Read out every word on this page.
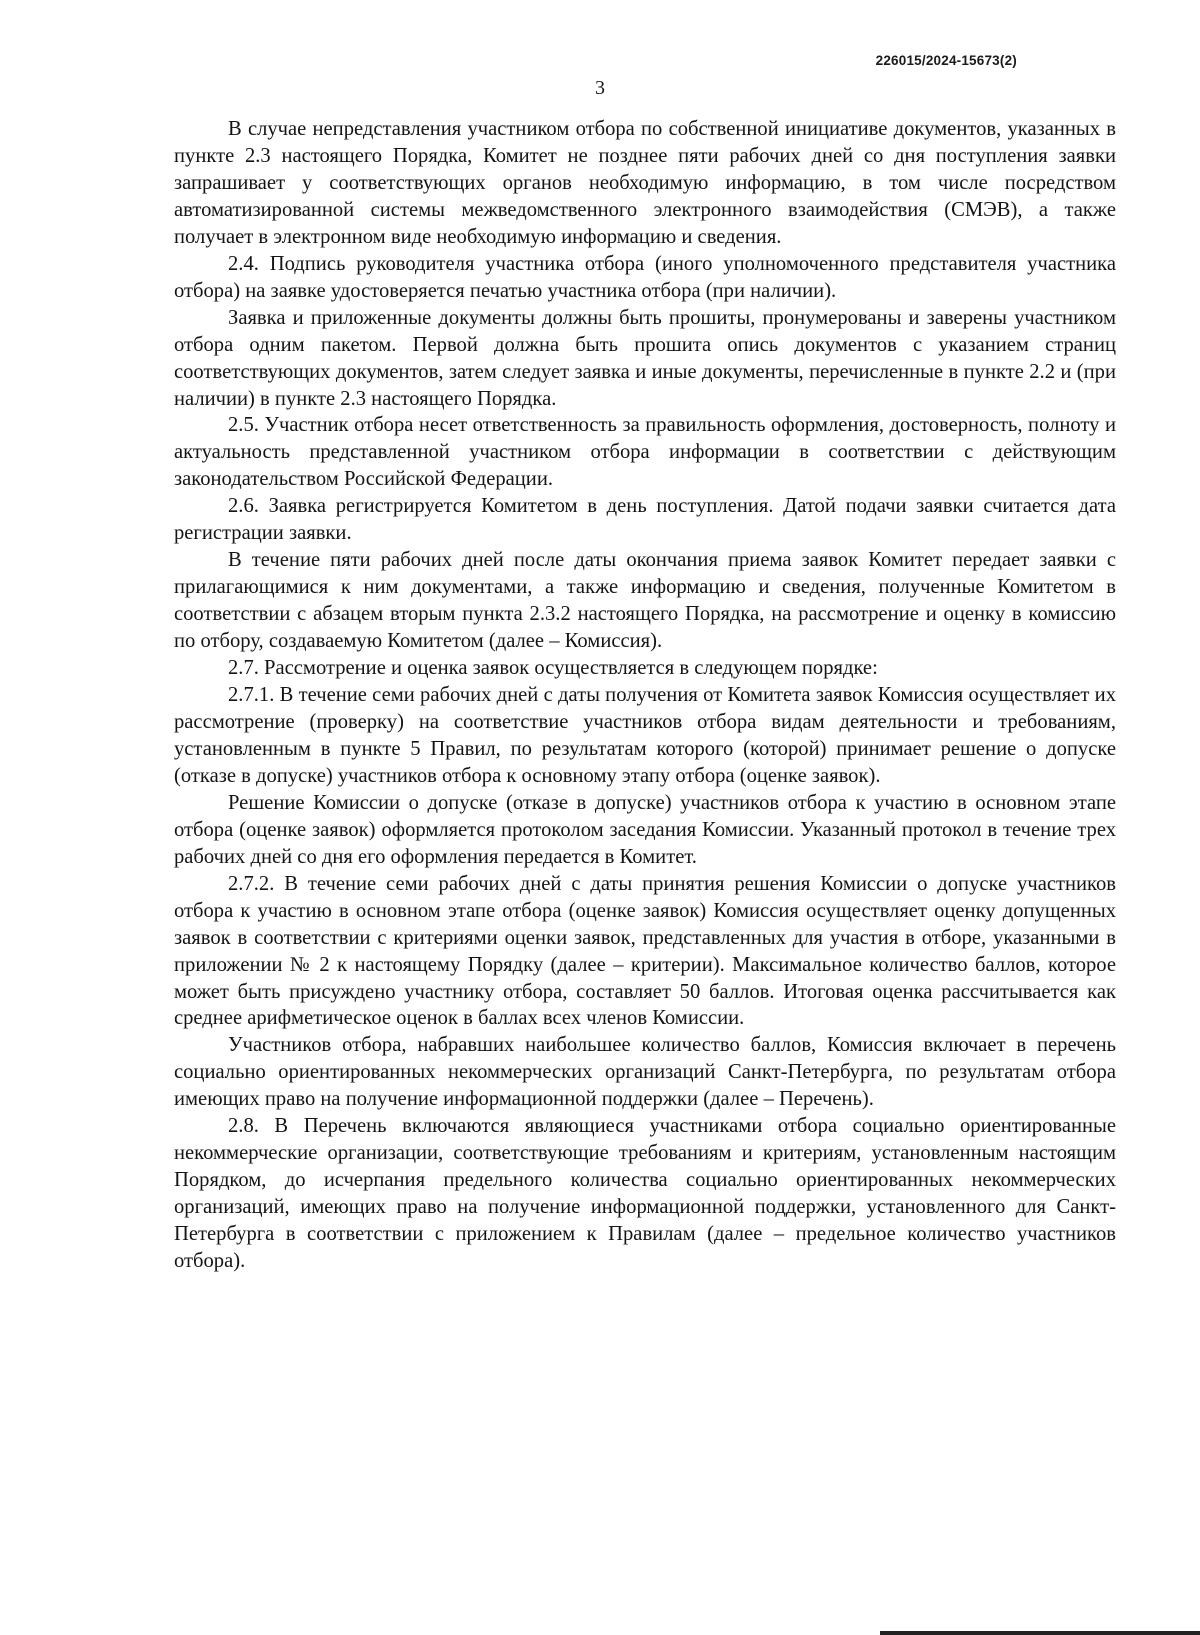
226015/2024-15673(2)
3

В случае непредставления участником отбора по собственной инициативе документов, указанных в пункте 2.3 настоящего Порядка, Комитет не позднее пяти рабочих дней со дня поступления заявки запрашивает у соответствующих органов необходимую информацию, в том числе посредством автоматизированной системы межведомственного электронного взаимодействия (СМЭВ), а также получает в электронном виде необходимую информацию и сведения.

2.4. Подпись руководителя участника отбора (иного уполномоченного представителя участника отбора) на заявке удостоверяется печатью участника отбора (при наличии).

Заявка и приложенные документы должны быть прошиты, пронумерованы и заверены участником отбора одним пакетом. Первой должна быть прошита опись документов с указанием страниц соответствующих документов, затем следует заявка и иные документы, перечисленные в пункте 2.2 и (при наличии) в пункте 2.3 настоящего Порядка.

2.5. Участник отбора несет ответственность за правильность оформления, достоверность, полноту и актуальность представленной участником отбора информации в соответствии с действующим законодательством Российской Федерации.

2.6. Заявка регистрируется Комитетом в день поступления. Датой подачи заявки считается дата регистрации заявки.

В течение пяти рабочих дней после даты окончания приема заявок Комитет передает заявки с прилагающимися к ним документами, а также информацию и сведения, полученные Комитетом в соответствии с абзацем вторым пункта 2.3.2 настоящего Порядка, на рассмотрение и оценку в комиссию по отбору, создаваемую Комитетом (далее – Комиссия).

2.7. Рассмотрение и оценка заявок осуществляется в следующем порядке:

2.7.1. В течение семи рабочих дней с даты получения от Комитета заявок Комиссия осуществляет их рассмотрение (проверку) на соответствие участников отбора видам деятельности и требованиям, установленным в пункте 5 Правил, по результатам которого (которой) принимает решение о допуске (отказе в допуске) участников отбора к основному этапу отбора (оценке заявок).

Решение Комиссии о допуске (отказе в допуске) участников отбора к участию в основном этапе отбора (оценке заявок) оформляется протоколом заседания Комиссии. Указанный протокол в течение трех рабочих дней со дня его оформления передается в Комитет.

2.7.2. В течение семи рабочих дней с даты принятия решения Комиссии о допуске участников отбора к участию в основном этапе отбора (оценке заявок) Комиссия осуществляет оценку допущенных заявок в соответствии с критериями оценки заявок, представленных для участия в отборе, указанными в приложении № 2 к настоящему Порядку (далее – критерии). Максимальное количество баллов, которое может быть присуждено участнику отбора, составляет 50 баллов. Итоговая оценка рассчитывается как среднее арифметическое оценок в баллах всех членов Комиссии.

Участников отбора, набравших наибольшее количество баллов, Комиссия включает в перечень социально ориентированных некоммерческих организаций Санкт-Петербурга, по результатам отбора имеющих право на получение информационной поддержки (далее – Перечень).

2.8. В Перечень включаются являющиеся участниками отбора социально ориентированные некоммерческие организации, соответствующие требованиям и критериям, установленным настоящим Порядком, до исчерпания предельного количества социально ориентированных некоммерческих организаций, имеющих право на получение информационной поддержки, установленного для Санкт-Петербурга в соответствии с приложением к Правилам (далее – предельное количество участников отбора).
